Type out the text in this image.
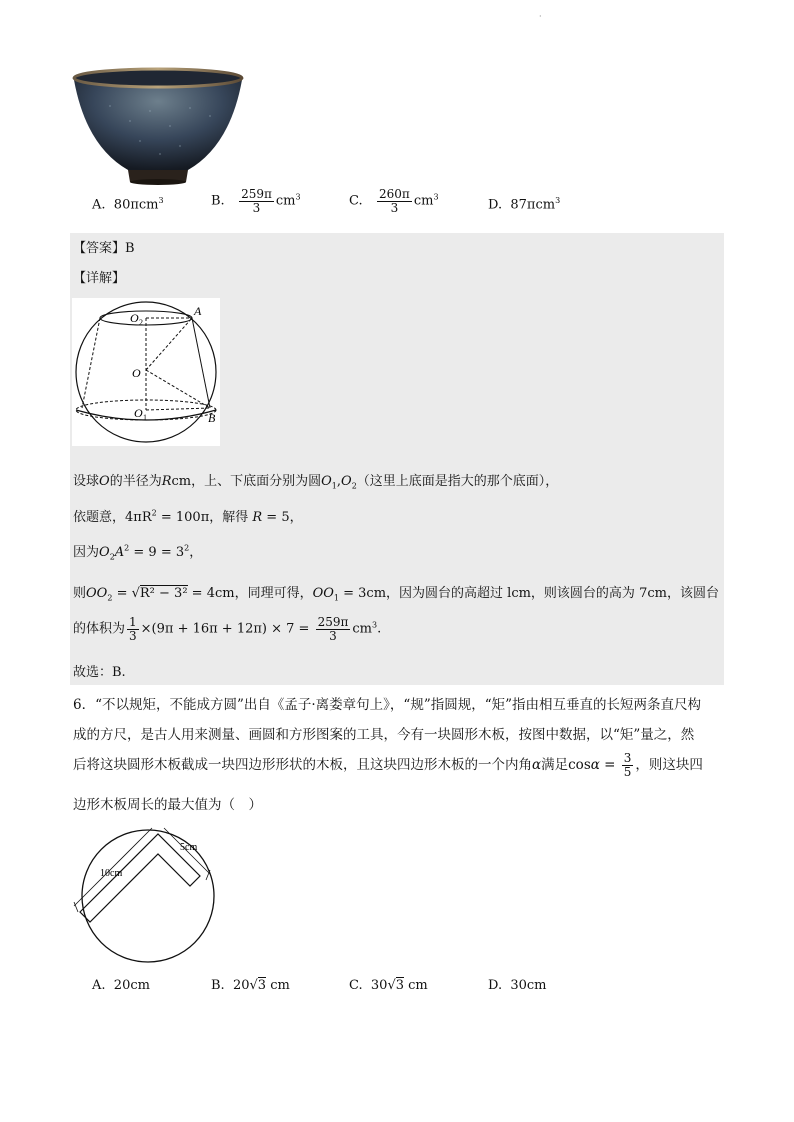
·
A. 80πcm$^3$	B. $\frac{259\pi}{3} cm^3$	C. $\frac{260\pi}{3} cm^3$
D. 87πcm$^3$
【答案】B
【详解】
O 2
A
O
O 1	B
设球O的半径为Rcm，上、下底面分别为圆$O_1,O_2$（这里上底面是指大的那个底面），
依题意，$4\pi R^2 = 100\pi$，解得 R = 5，
因为$O_2A^2 = 9 = 3^2$，
则$OO_2 = √R^2 - 3^2 = 4cm$，同理可得，$OO_1 = 3cm$，因为圆台的高超过 lcm，则该圆台的高为 7cm，该圆台
的体积为 $\frac{1}{3} \times(9\pi + 16\pi + 12\pi) \times 7 = \frac{259\pi}{3} cm^3$.
故选：B.
6．“不以规矩，不能成方圆”出自《孟子·离娄章句上》，“规”指圆规，“矩”指由相互垂直的长短两条直尺构
成的方尺，是古人用来测量、画圆和方形图案的工具，今有一块圆形木板，按图中数据，以“矩”量之，然
后将这块圆形木板截成一块四边形形状的木板，且这块四边形木板的一个内角α满足$\cos\alpha = \frac{3}{5}$ ，则这块四
边形木板周长的最大值为（　）
10cm
5cm
A. 20cm	B. 20√3 cm	C. 30√3 cm	D. 30cm
